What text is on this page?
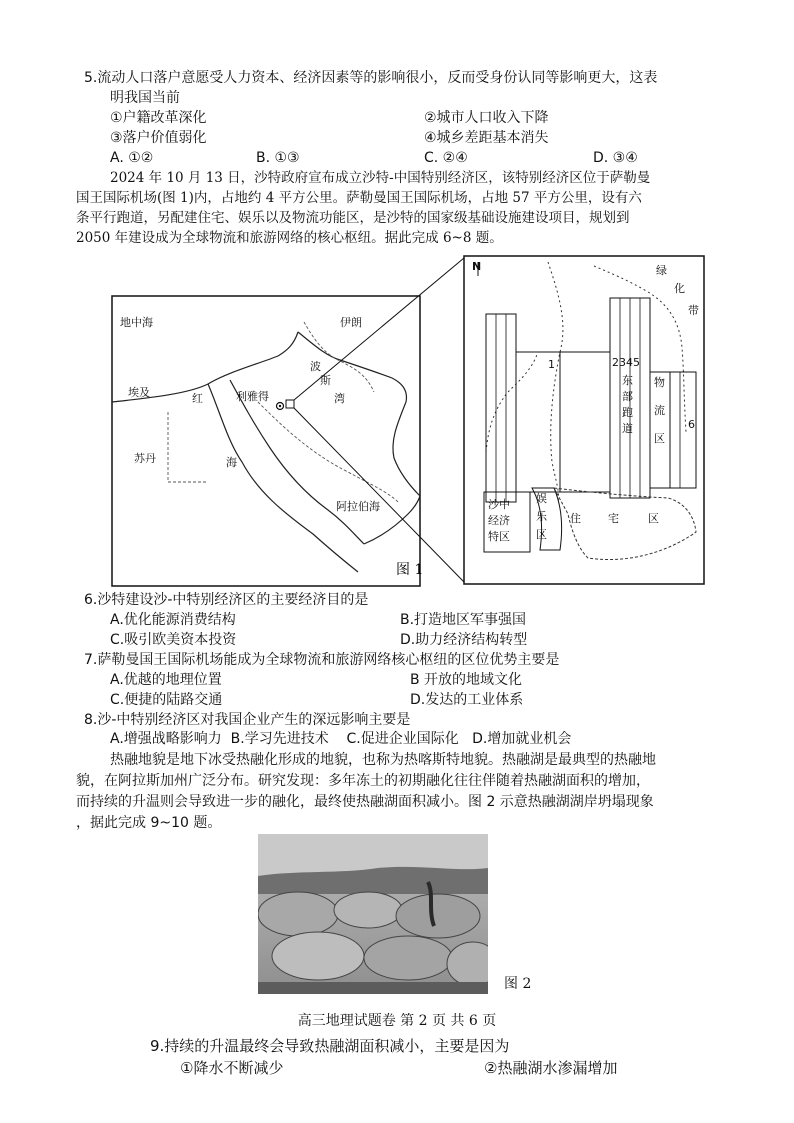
5.流动人口落户意愿受人力资本、经济因素等的影响很小，反而受身份认同等影响更大，这表
明我国当前
①户籍改革深化	②城市人口收入下降
③落户价值弱化	④城乡差距基本消失
A. ①②	B. ①③	C. ②④	D. ③④
2024 年 10 月 13 日，沙特政府宣布成立沙特-中国特别经济区，该特别经济区位于萨勒曼
国王国际机场(图 1)内，占地约 4 平方公里。萨勒曼国王国际机场，占地 57 平方公里，设有六
条平行跑道，另配建住宅、娱乐以及物流功能区，是沙特的国家级基础设施建设项目，规划到
2050 年建设成为全球物流和旅游网络的核心枢纽。据此完成 6~8 题。
地中海	伊朗
波
斯
湾
埃及	红
海
利雅得
苏丹
阿拉伯海
图 1
N	绿
化
带
1	2345
6
东
部
跑
道
物
流
区
沙中
经济
特区
娱
乐
区
住 宅	区
6.沙特建设沙-中特别经济区的主要经济目的是
A.优化能源消费结构	B.打造地区军事强国
C.吸引欧美资本投资	D.助力经济结构转型
7.萨勒曼国王国际机场能成为全球物流和旅游网络核心枢纽的区位优势主要是
A.优越的地理位置	B 开放的地域文化
C.便捷的陆路交通	D.发达的工业体系
8.沙-中特别经济区对我国企业产生的深远影响主要是
A.增强战略影响力  B.学习先进技术    C.促进企业国际化   D.增加就业机会
热融地貌是地下冰受热融化形成的地貌，也称为热喀斯特地貌。热融湖是最典型的热融地
貌，在阿拉斯加州广泛分布。研究发现：多年冻土的初期融化往往伴随着热融湖面积的增加，
而持续的升温则会导致进一步的融化，最终使热融湖面积减小。图 2 示意热融湖湖岸坍塌现象
，据此完成 9~10 题。
图 2
高三地理试题卷 第 2 页 共 6 页
9.持续的升温最终会导致热融湖面积减小，主要是因为
①降水不断减少	②热融湖水渗漏增加
